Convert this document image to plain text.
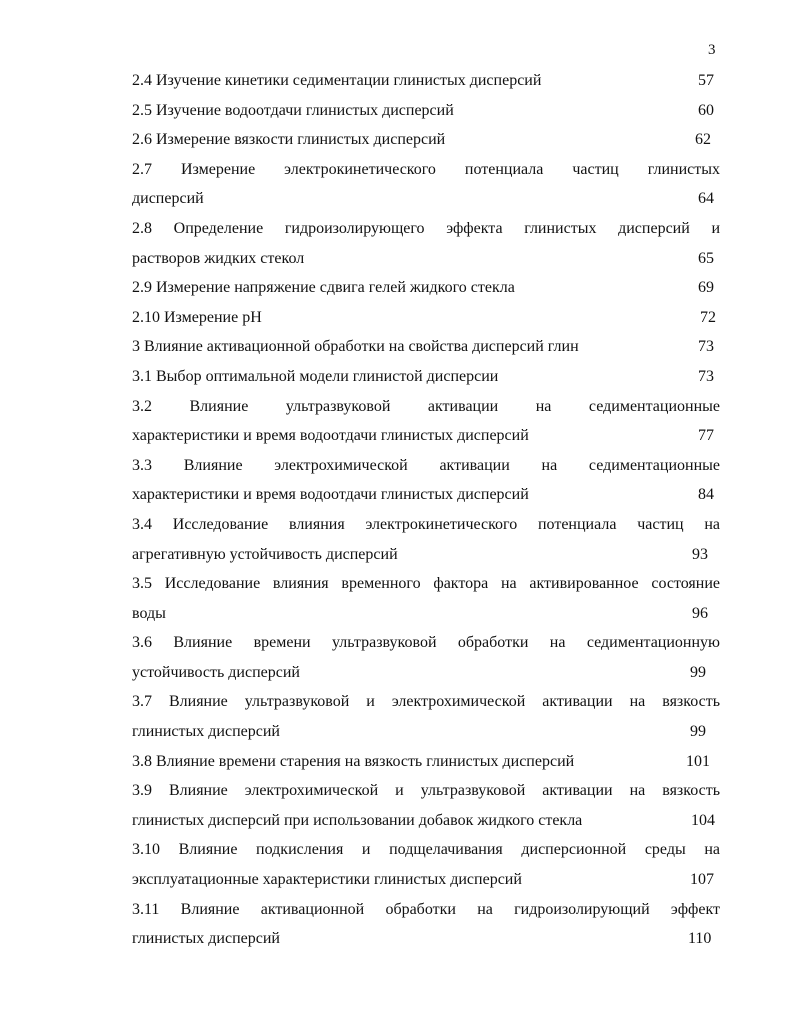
3
2.4 Изучение кинетики седиментации глинистых дисперсий	57
2.5 Изучение водоотдачи глинистых дисперсий	60
2.6 Измерение вязкости глинистых дисперсий	62
2.7 Измерение электрокинетического потенциала частиц глинистых
дисперсий	64
2.8 Определение гидроизолирующего эффекта глинистых дисперсий и
растворов жидких стекол	65
2.9 Измерение напряжение сдвига гелей жидкого стекла	69
2.10 Измерение pH	72
3 Влияние активационной обработки на свойства дисперсий глин	73
3.1 Выбор оптимальной модели глинистой дисперсии	73
3.2 Влияние ультразвуковой активации на седиментационные
характеристики и время водоотдачи глинистых дисперсий	77
3.3 Влияние электрохимической активации на седиментационные
характеристики и время водоотдачи глинистых дисперсий	84
3.4 Исследование влияния электрокинетического потенциала частиц на
агрегативную устойчивость дисперсий	93
3.5 Исследование влияния временного фактора на активированное состояние
воды	96
3.6 Влияние времени ультразвуковой обработки на седиментационную
устойчивость дисперсий	99
3.7 Влияние ультразвуковой и электрохимической активации на вязкость
глинистых дисперсий	99
3.8 Влияние времени старения на вязкость глинистых дисперсий	101
3.9 Влияние электрохимической и ультразвуковой активации на вязкость
глинистых дисперсий при использовании добавок жидкого стекла	104
3.10 Влияние подкисления и подщелачивания дисперсионной среды на
эксплуатационные характеристики глинистых дисперсий	107
3.11 Влияние активационной обработки на гидроизолирующий эффект
глинистых дисперсий	110
